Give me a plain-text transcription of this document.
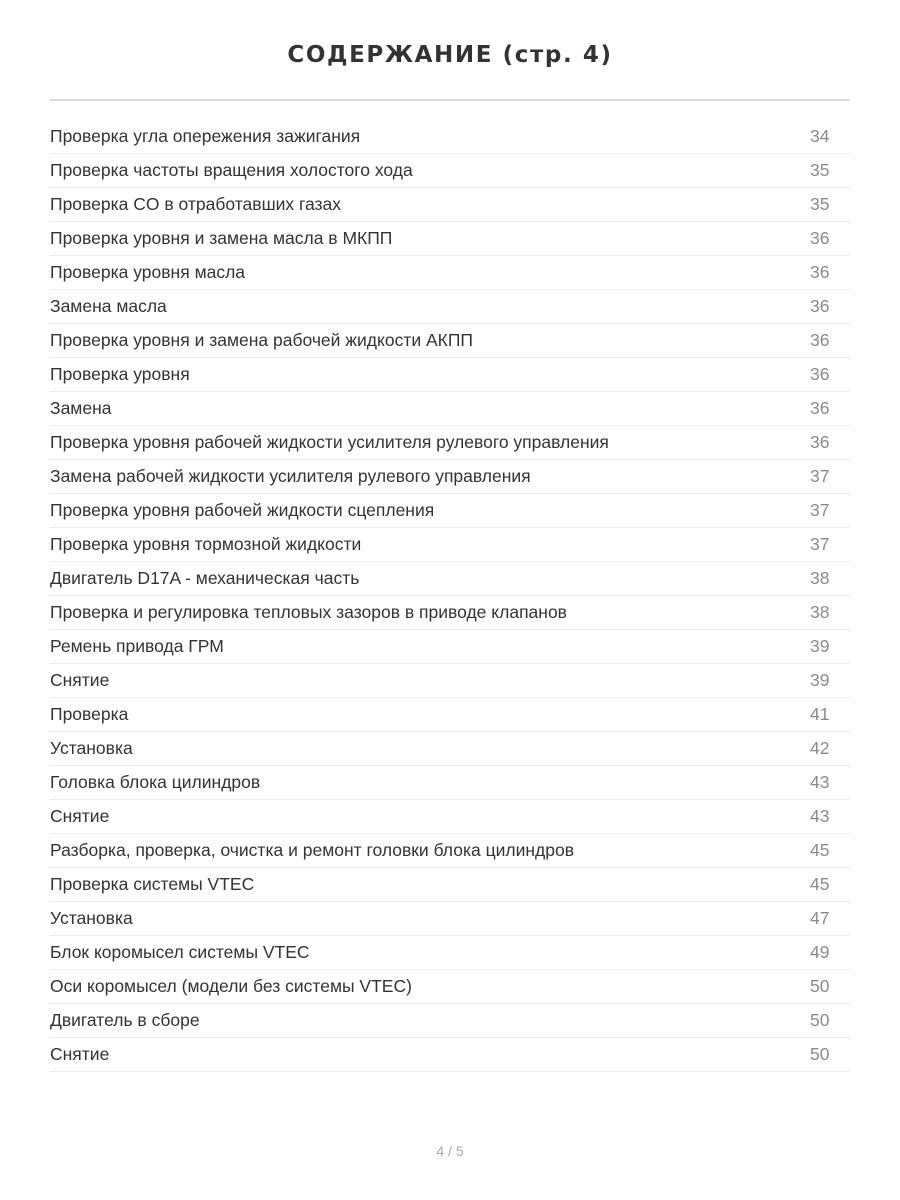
СОДЕРЖАНИЕ (стр. 4)
Проверка угла опережения зажигания	34
Проверка частоты вращения холостого хода	35
Проверка CO в отработавших газах	35
Проверка уровня и замена масла в МКПП	36
Проверка уровня масла	36
Замена масла	36
Проверка уровня и замена рабочей жидкости АКПП	36
Проверка уровня	36
Замена	36
Проверка уровня рабочей жидкости усилителя рулевого управления	36
Замена рабочей жидкости усилителя рулевого управления	37
Проверка уровня рабочей жидкости сцепления	37
Проверка уровня тормозной жидкости	37
Двигатель D17A - механическая часть	38
Проверка и регулировка тепловых зазоров в приводе клапанов	38
Ремень привода ГРМ	39
Снятие	39
Проверка	41
Установка	42
Головка блока цилиндров	43
Снятие	43
Разборка, проверка, очистка и ремонт головки блока цилиндров	45
Проверка системы VTEC	45
Установка	47
Блок коромысел системы VTEC	49
Оси коромысел (модели без системы VTEC)	50
Двигатель в сборе	50
Снятие	50
4 / 5
